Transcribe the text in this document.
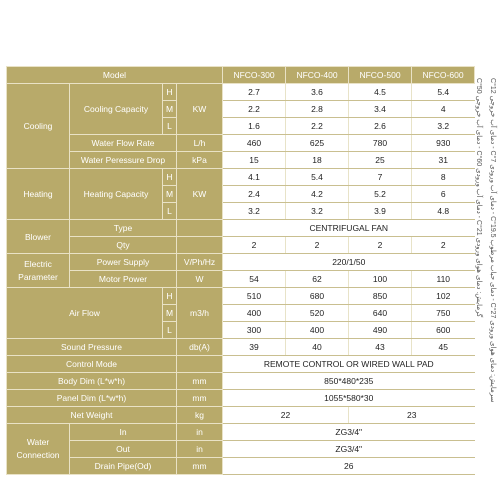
Model				NFCO-300	NFCO-400	NFCO-500	NFCO-600
Cooling	Cooling Capacity	H	KW	2.7	3.6	4.5	5.4
		M		2.2	2.8	3.4	4
		L		1.6	2.2	2.6	3.2
	Water Flow Rate		L/h	460	625	780	930
	Water Peressure Drop		kPa	15	18	25	31
Heating	Heating Capacity	H	KW	4.1	5.4	7	8
		M		2.4	4.2	5.2	6
		L		3.2	3.2	3.9	4.8
Blower	Type			CENTRIFUGAL FAN			
	Qty			2	2	2	2
Electric Parameter	Power Supply		V/Ph/Hz	220/1/50			
	Motor Power		W	54	62	100	110
Air Flow		H	m3/h	510	680	850	102
		M		400	520	640	750
		L		300	400	490	600
Sound Pressure			db(A)	39	40	43	45
Control Mode				REMOTE CONTROL OR WIRED WALL PAD			
Body Dim (L*w*h)			mm	850*480*235			
Panel Dim (L*w*h)			mm	1055*580*30			
Net Weight			kg	22		23	
Water Connection	In		in	ZG3/4"			
	Out		in	ZG3/4"			
	Drain Pipe(Od)		mm	26			
سرمایش: دمای هوای ورودی 27°C - دمای حباب مرطوب 19.5°C - دمای آب ورودی 7°C - دمای آب خروجی 12°C
گرمایش: دمای هوای ورودی 21°C - دمای آب ورودی 60°C - دمای آب خروجی 50°C
